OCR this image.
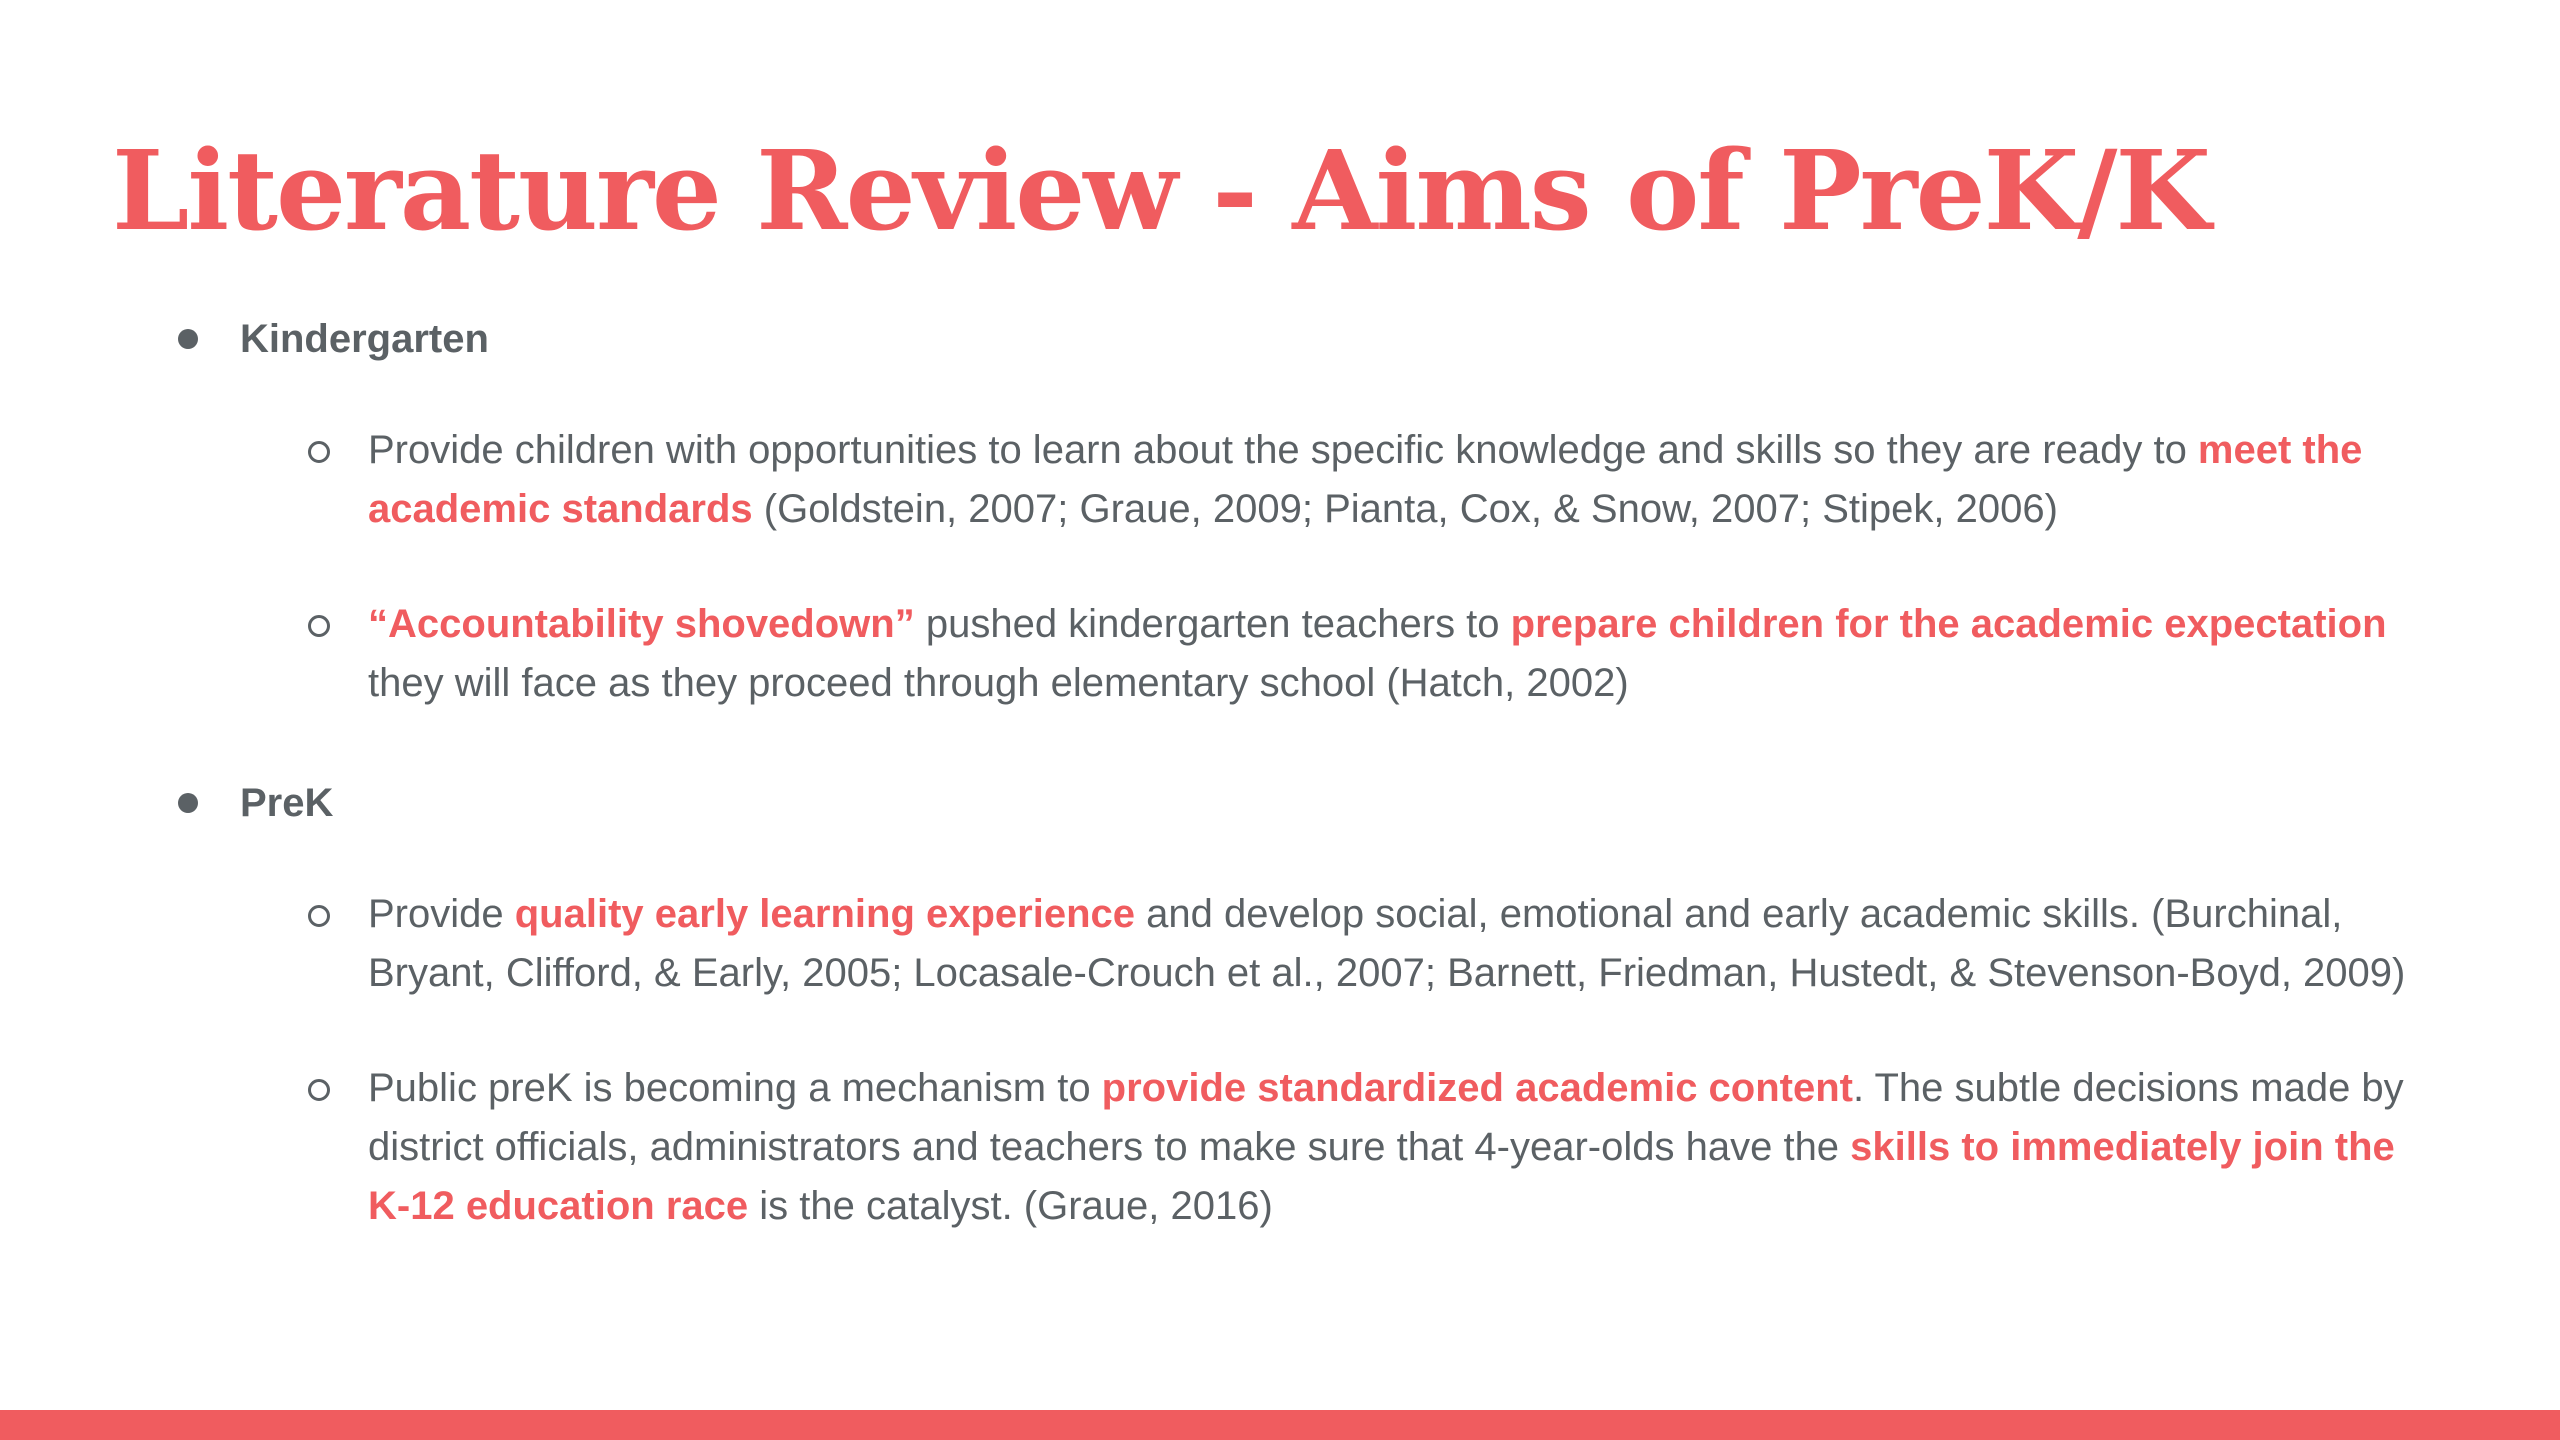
Literature Review - Aims of PreK/K
Kindergarten
Provide children with opportunities to learn about the specific knowledge and skills so they are ready to meet the academic standards (Goldstein, 2007; Graue, 2009; Pianta, Cox, & Snow, 2007; Stipek, 2006)
“Accountability shovedown” pushed kindergarten teachers to prepare children for the academic expectation they will face as they proceed through elementary school (Hatch, 2002)
PreK
Provide quality early learning experience and develop social, emotional and early academic skills. (Burchinal, Bryant, Clifford, & Early, 2005; Locasale-Crouch et al., 2007; Barnett, Friedman, Hustedt, & Stevenson-Boyd, 2009)
Public preK is becoming a mechanism to provide standardized academic content. The subtle decisions made by district officials, administrators and teachers to make sure that 4-year-olds have the skills to immediately join the K-12 education race is the catalyst. (Graue, 2016)
